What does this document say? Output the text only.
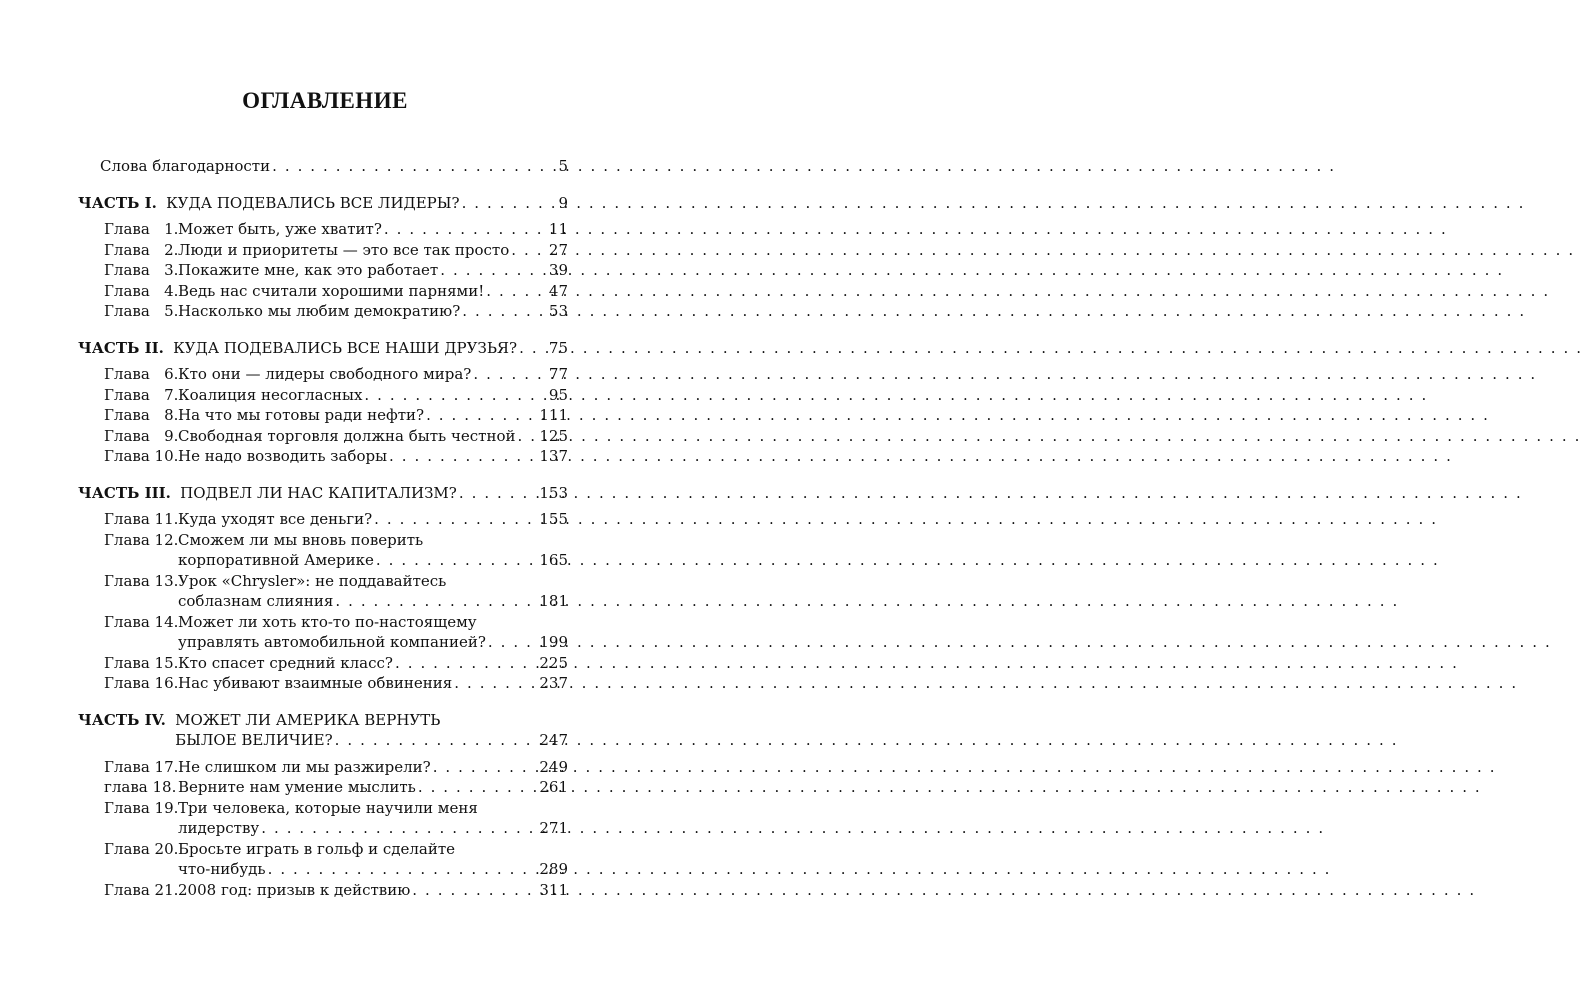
ОГЛАВЛЕНИЕ
Слова благодарности . . .	5
ЧАСТЬ I. КУДА ПОДЕВАЛИСЬ ВСЕ ЛИДЕРЫ? . . .	9
Глава   1. Может быть, уже хватит? . . .	11
Глава   2. Люди и приоритеты — это все так просто . . .	27
Глава   3. Покажите мне, как это работает . . .	39
Глава   4. Ведь нас считали хорошими парнями! . . .	47
Глава   5. Насколько мы любим демократию? . . .	53
ЧАСТЬ II. КУДА ПОДЕВАЛИСЬ ВСЕ НАШИ ДРУЗЬЯ? . . . 75
Глава   6. Кто они — лидеры свободного мира? . . .	77
Глава   7. Коалиция несогласных . . .	95
Глава   8. На что мы готовы ради нефти? . . .	111
Глава   9. Свободная торговля должна быть честной . . . 125
Глава 10. Не надо возводить заборы . . .	137
ЧАСТЬ III. ПОДВЕЛ ЛИ НАС КАПИТАЛИЗМ? . . .	153
Глава 11. Куда уходят все деньги? . . .	155
Глава 12. Сможем ли мы вновь поверить
корпоративной Америке . . .	165
Глава 13. Урок «Chrysler»: не поддавайтесь
соблазнам слияния . . .	181
Глава 14. Может ли хоть кто-то по-настоящему
управлять автомобильной компанией? . . .	199
Глава 15. Кто спасет средний класс? . . .	225
Глава 16. Нас убивают взаимные обвинения . . .	237
ЧАСТЬ IV. МОЖЕТ ЛИ АМЕРИКА ВЕРНУТЬ
БЫЛОЕ ВЕЛИЧИЕ? . . .	247
Глава 17. Не слишком ли мы разжирели? . . .	249
глава 18. Верните нам умение мыслить . . .	261
Глава 19. Три человека, которые научили меня
лидерству . . .	271
Глава 20. Бросьте играть в гольф и сделайте
что-нибудь . . .	289
Глава 21. 2008 год: призыв к действию . . .	311
